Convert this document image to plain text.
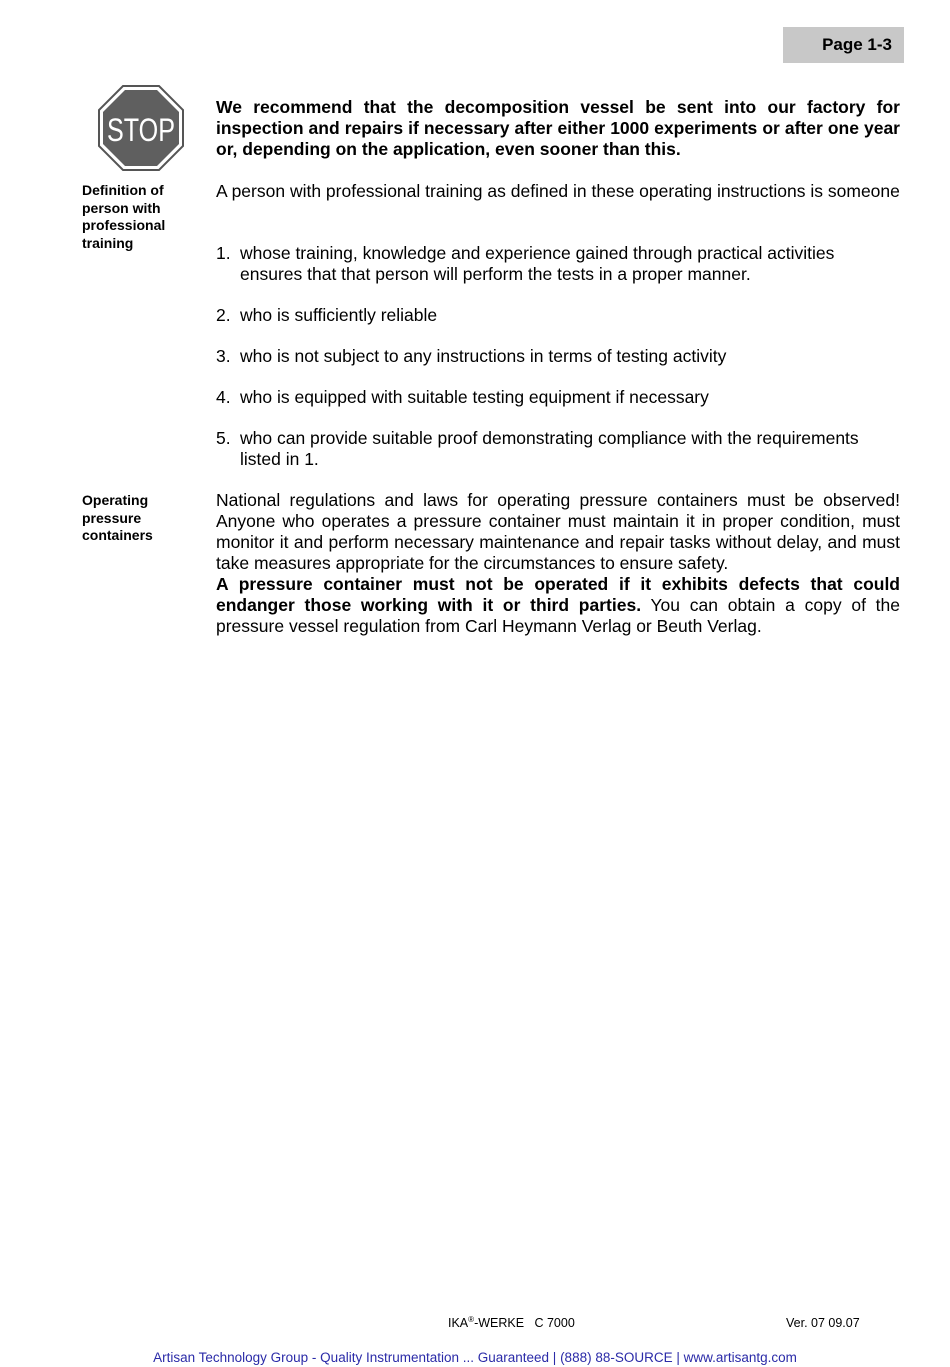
Page 1-3
STOP
We recommend that the decomposition vessel be sent into our factory for inspection and repairs if necessary after either 1000 experiments or after one year or, depending on the application, even sooner than this.
Definition of person with professional training
A person with professional training as defined in these operating instructions is someone
1. whose training, knowledge and experience gained through practical activities ensures that that person will perform the tests in a proper manner.
2. who is sufficiently reliable
3. who is not subject to any instructions in terms of testing activity
4. who is equipped with suitable testing equipment if necessary
5. who can provide suitable proof demonstrating compliance with the requirements listed in 1.
Operating pressure containers
National regulations and laws for operating pressure containers must be observed! Anyone who operates a pressure container must maintain it in proper condition, must monitor it and perform necessary maintenance and repair tasks without delay, and must take measures appropriate for the circumstances to ensure safety.
A pressure container must not be operated if it exhibits defects that could endanger those working with it or third parties. You can obtain a copy of the pressure vessel regulation from Carl Heymann Verlag or Beuth Verlag.
IKA®-WERKE   C 7000	Ver. 07 09.07
Artisan Technology Group - Quality Instrumentation ... Guaranteed | (888) 88-SOURCE | www.artisantg.com
